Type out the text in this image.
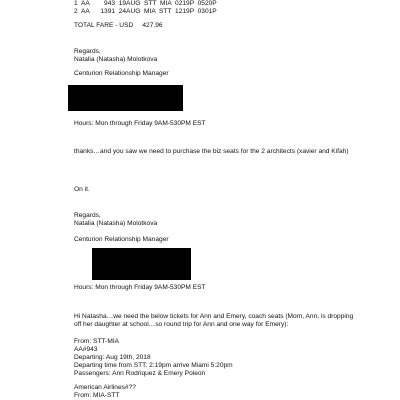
1  AA        943  19AUG  STT  MIA  0219P  0520P
2  AA      1391  24AUG  MIA  STT  1219P  0301P
TOTAL FARE - USD     427.96
Regards,
Natalia (Natasha) Molotkova
Centurion Relationship Manager
Hours: Mon through Friday 9AM-530PM EST
thanks…and you saw we need to purchase the biz seats for the 2 architects (xavier and Kifah)
On it.
Regards,
Natalia (Natasha) Molotkova
Centurion Relationship Manager
Hours: Mon through Friday 9AM-530PM EST
Hi Natasha…we need the below tickets for Ann and Emery, coach seats (Mom, Ann, is dropping off her daughter at school…so round trip for Ann and one way for Emery):
From: STT-MIA
AA#943
Departing: Aug 19th, 2018
Departing time from STT: 2:19pm arrive Miami 5:20pm
Passengers: Ann Rodriquez & Emery Poleon
American Airlines#??
From: MIA-STT
